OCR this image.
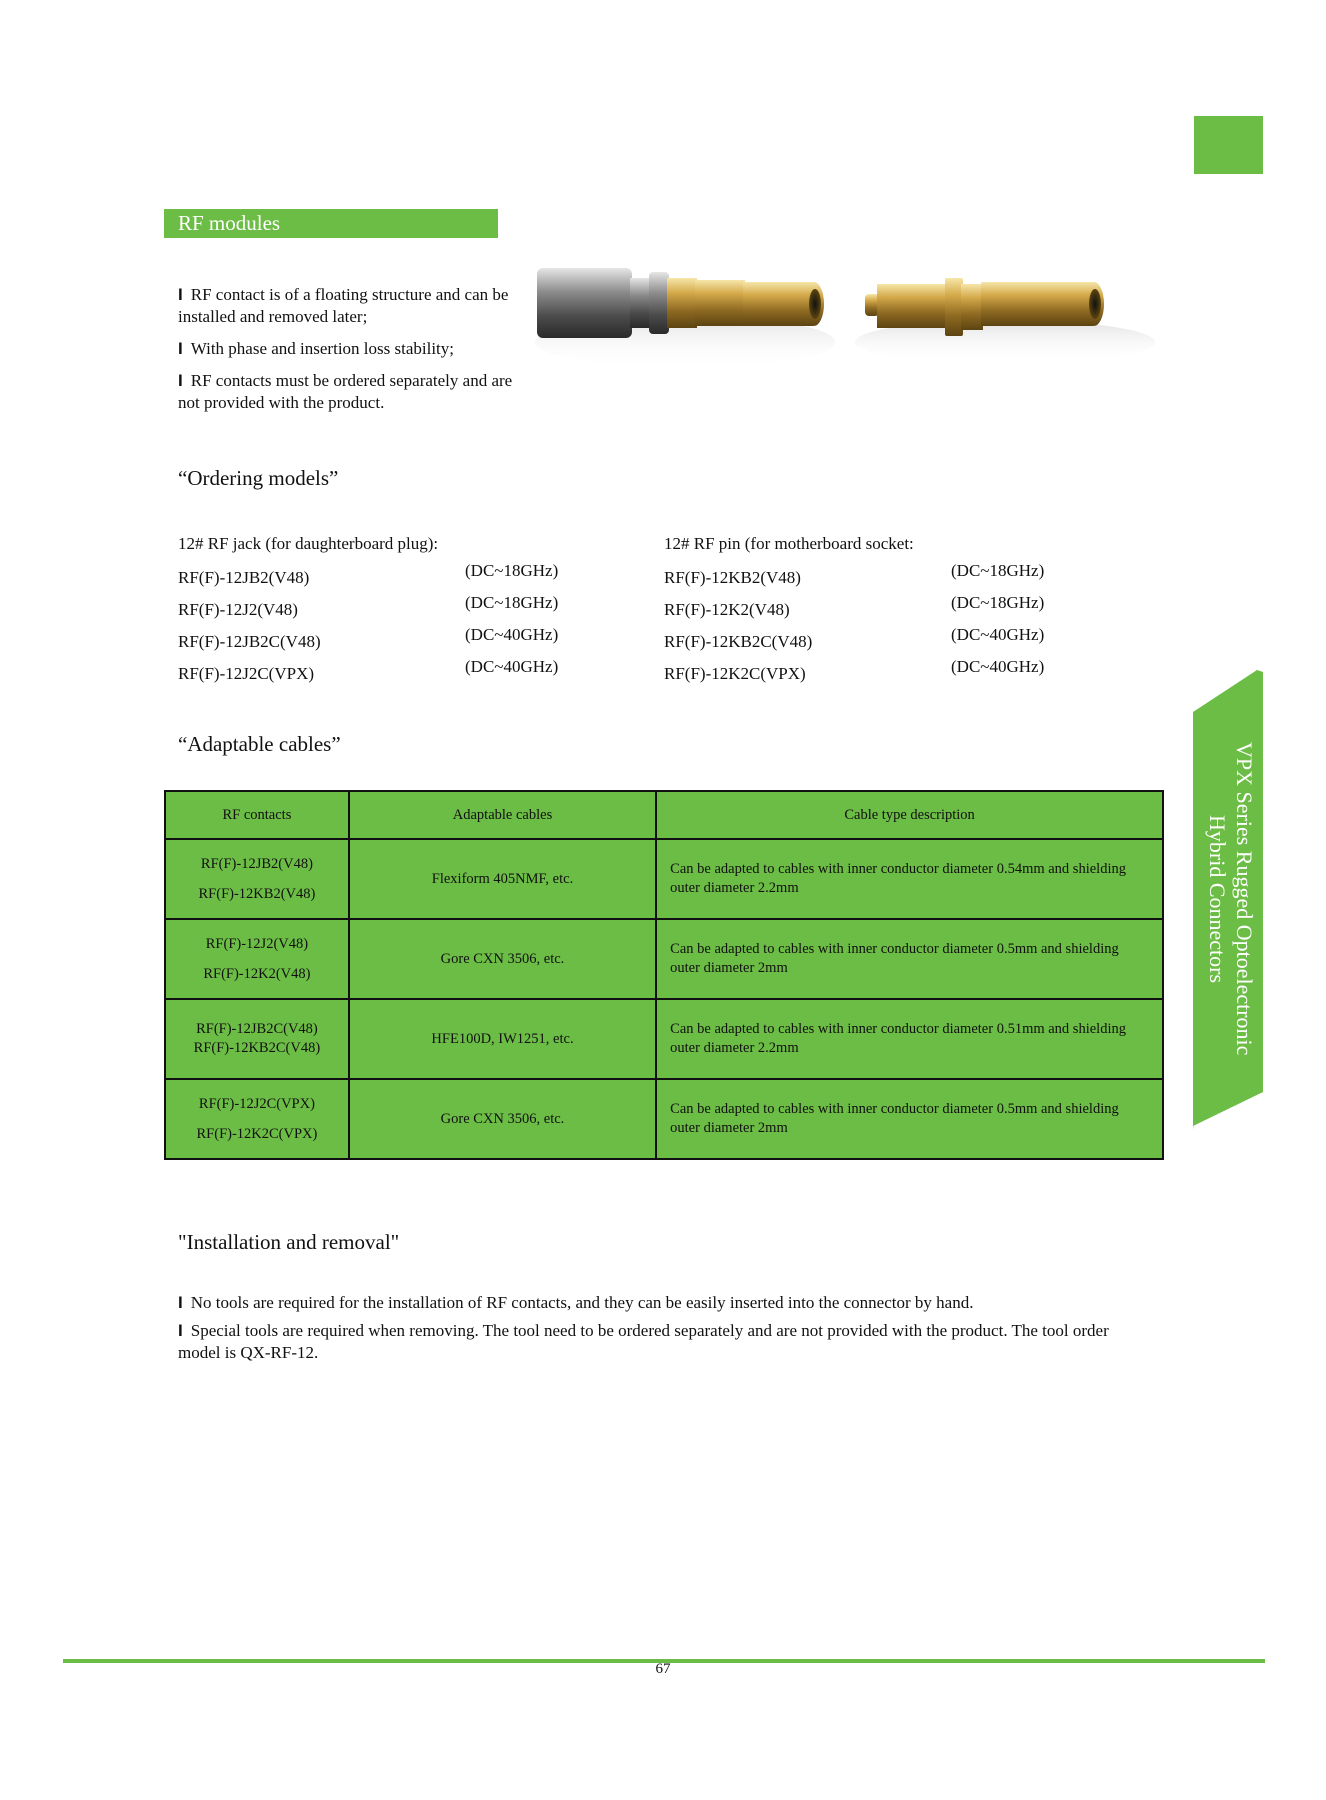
VPX Series Rugged Optoelectronic
Hybrid Connectors
RF modules
I RF contact is of a floating structure and can be installed and removed later;
I With phase and insertion loss stability;
I RF contacts must be ordered separately and are not provided with the product.
“Ordering models”
12# RF jack (for daughterboard plug):
RF(F)-12JB2(V48)	(DC~18GHz)
RF(F)-12J2(V48)	(DC~18GHz)
RF(F)-12JB2C(V48)	(DC~40GHz)
RF(F)-12J2C(VPX)	(DC~40GHz)
12# RF pin (for motherboard socket:
RF(F)-12KB2(V48)	(DC~18GHz)
RF(F)-12K2(V48)	(DC~18GHz)
RF(F)-12KB2C(V48)	(DC~40GHz)
RF(F)-12K2C(VPX)	(DC~40GHz)
“Adaptable cables”
RF contacts	Adaptable cables	Cable type description

RF(F)-12JB2(V48)
RF(F)-12KB2(V48)	Flexiform 405NMF, etc.	Can be adapted to cables with inner conductor diameter 0.54mm and shielding outer diameter 2.2mm

RF(F)-12J2(V48)
RF(F)-12K2(V48)	Gore CXN 3506, etc.	Can be adapted to cables with inner conductor diameter 0.5mm and shielding outer diameter 2mm

RF(F)-12JB2C(V48)
RF(F)-12KB2C(V48)	HFE100D, IW1251, etc.	Can be adapted to cables with inner conductor diameter 0.51mm and shielding outer diameter 2.2mm

RF(F)-12J2C(VPX)
RF(F)-12K2C(VPX)	Gore CXN 3506, etc.	Can be adapted to cables with inner conductor diameter 0.5mm and shielding outer diameter 2mm
"Installation and removal"
I No tools are required for the installation of RF contacts, and they can be easily inserted into the connector by hand.
I Special tools are required when removing. The tool need to be ordered separately and are not provided with the product. The tool order model is QX-RF-12.
67
